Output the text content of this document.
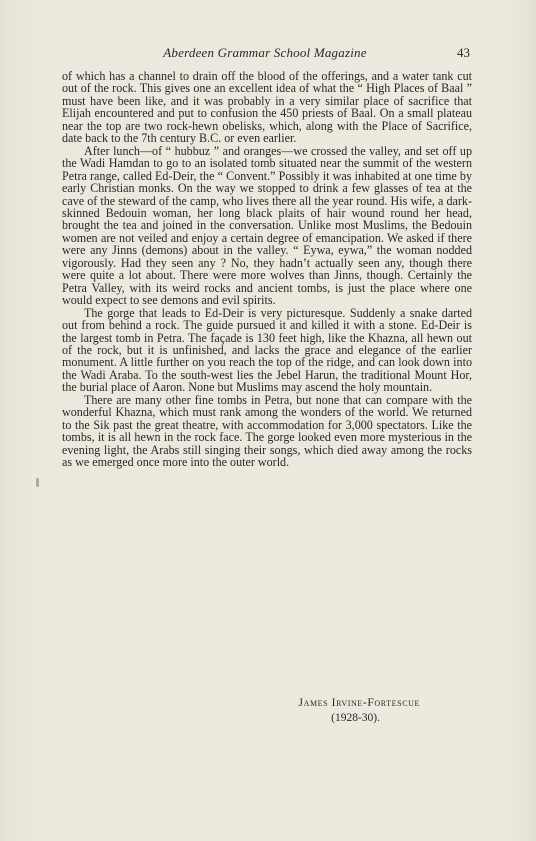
Aberdeen Grammar School Magazine	43

of which has a channel to drain off the blood of the offerings, and a water tank cut out of the rock. This gives one an excellent idea of what the “ High Places of Baal ” must have been like, and it was probably in a very similar place of sacrifice that Elijah encountered and put to confusion the 450 priests of Baal. On a small plateau near the top are two rock-hewn obelisks, which, along with the Place of Sacrifice, date back to the 7th century B.C. or even earlier.

After lunch—of “ hubbuz ” and oranges—we crossed the valley, and set off up the Wadi Hamdan to go to an isolated tomb situated near the summit of the western Petra range, called Ed-Deir, the “ Convent.” Possibly it was inhabited at one time by early Christian monks. On the way we stopped to drink a few glasses of tea at the cave of the steward of the camp, who lives there all the year round. His wife, a dark-skinned Bedouin woman, her long black plaits of hair wound round her head, brought the tea and joined in the conversation. Unlike most Muslims, the Bedouin women are not veiled and enjoy a certain degree of emancipation. We asked if there were any Jinns (demons) about in the valley. “ Eywa, eywa,” the woman nodded vigorously. Had they seen any ? No, they hadn’t actually seen any, though there were quite a lot about. There were more wolves than Jinns, though. Certainly the Petra Valley, with its weird rocks and ancient tombs, is just the place where one would expect to see demons and evil spirits.

The gorge that leads to Ed-Deir is very picturesque. Suddenly a snake darted out from behind a rock. The guide pursued it and killed it with a stone. Ed-Deir is the largest tomb in Petra. The façade is 130 feet high, like the Khazna, all hewn out of the rock, but it is unfinished, and lacks the grace and elegance of the earlier monument. A little further on you reach the top of the ridge, and can look down into the Wadi Araba. To the south-west lies the Jebel Harun, the traditional Mount Hor, the burial place of Aaron. None but Muslims may ascend the holy mountain.

There are many other fine tombs in Petra, but none that can compare with the wonderful Khazna, which must rank among the wonders of the world. We returned to the Sik past the great theatre, with accommodation for 3,000 spectators. Like the tombs, it is all hewn in the rock face. The gorge looked even more mysterious in the evening light, the Arabs still singing their songs, which died away among the rocks as we emerged once more into the outer world.

James Irvine-Fortescue
(1928-30).
